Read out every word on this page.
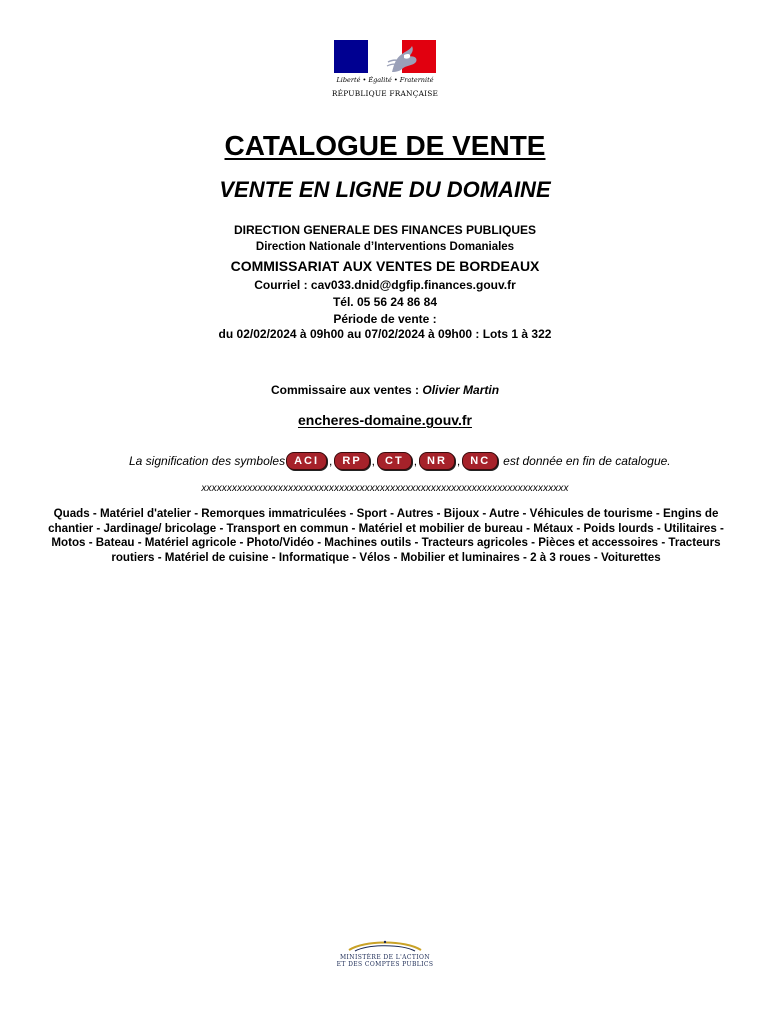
Liberté • Égalité • Fraternité
RÉPUBLIQUE FRANÇAISE
CATALOGUE DE VENTE
VENTE EN LIGNE DU DOMAINE
DIRECTION GENERALE DES FINANCES PUBLIQUES
Direction Nationale d’Interventions Domaniales
COMMISSARIAT AUX VENTES DE BORDEAUX
Courriel : cav033.dnid@dgfip.finances.gouv.fr
Tél. 05 56 24 86 84
Période de vente :
du 02/02/2024 à 09h00 au 07/02/2024 à 09h00 : Lots 1 à 322
Commissaire aux ventes : Olivier Martin
encheres-domaine.gouv.fr
La signification des symboles ACI , RP , CT , NR , NC	est donnée en fin de catalogue.
xxxxxxxxxxxxxxxxxxxxxxxxxxxxxxxxxxxxxxxxxxxxxxxxxxxxxxxxxxxxxxxxxxxxxxxx
Quads - Matériel d'atelier - Remorques immatriculées - Sport - Autres - Bijoux - Autre - Véhicules de tourisme - Engins de chantier - Jardinage/ bricolage - Transport en commun - Matériel et mobilier de bureau - Métaux - Poids lourds - Utilitaires - Motos - Bateau - Matériel agricole - Photo/Vidéo - Machines outils - Tracteurs agricoles - Pièces et accessoires - Tracteurs routiers - Matériel de cuisine - Informatique - Vélos - Mobilier et luminaires - 2 à 3 roues - Voiturettes
MINISTÈRE DE L'ACTION
ET DES COMPTES PUBLICS
